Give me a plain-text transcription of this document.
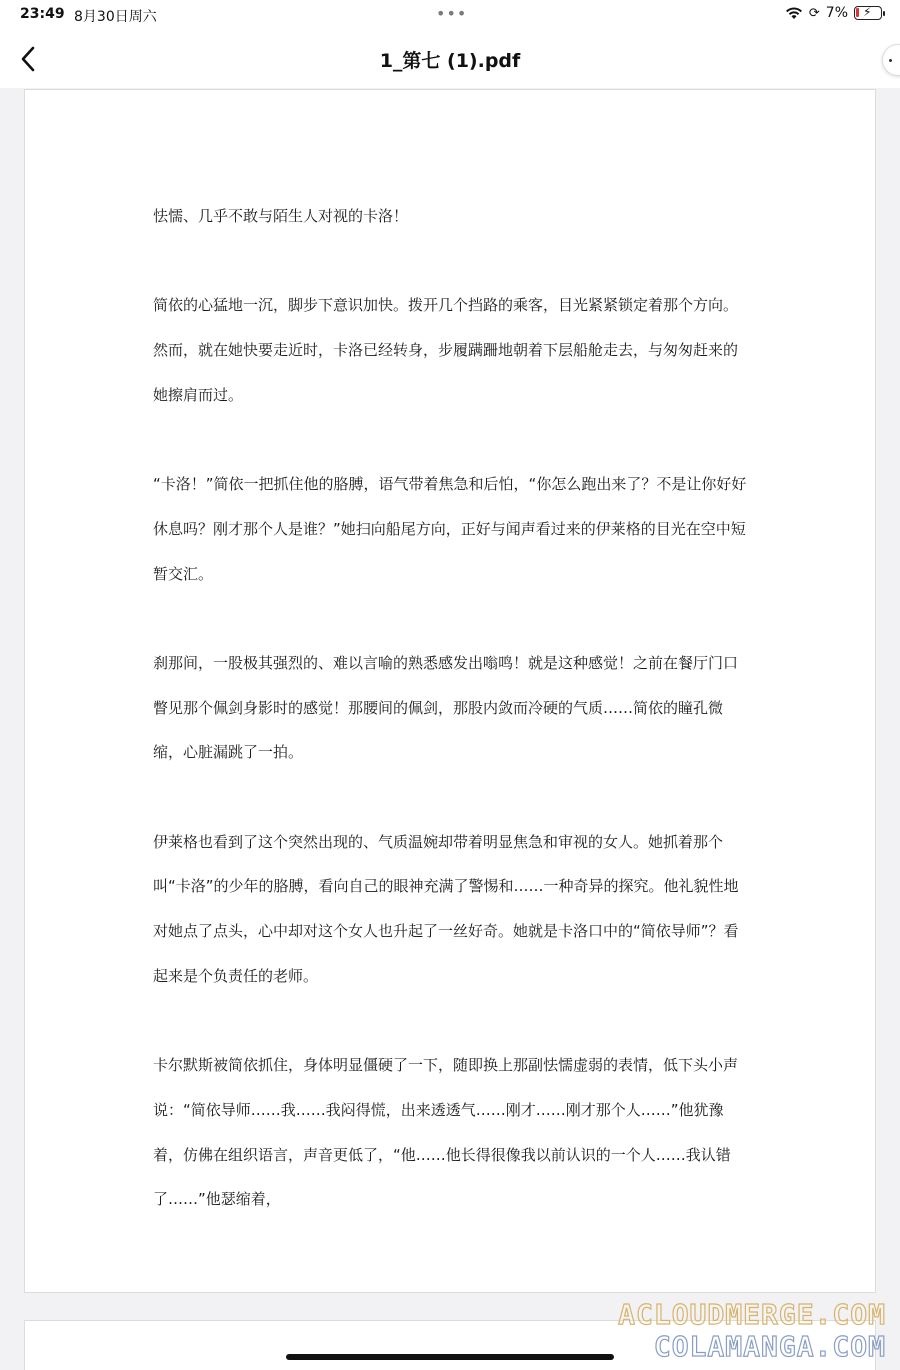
23:49 8月30日周六	•••	⟳ 7% ⚡
1_第七 (1).pdf

怯懦、几乎不敢与陌生人对视的卡洛！

简依的心猛地一沉，脚步下意识加快。拨开几个挡路的乘客，目光紧紧锁定着那个方向。然而，就在她快要走近时，卡洛已经转身，步履蹒跚地朝着下层船舱走去，与匆匆赶来的她擦肩而过。

“卡洛！”简依一把抓住他的胳膊，语气带着焦急和后怕，“你怎么跑出来了？不是让你好好休息吗？刚才那个人是谁？”她扫向船尾方向，正好与闻声看过来的伊莱格的目光在空中短暂交汇。

刹那间，一股极其强烈的、难以言喻的熟悉感发出嗡鸣！就是这种感觉！之前在餐厅门口瞥见那个佩剑身影时的感觉！那腰间的佩剑，那股内敛而冷硬的气质……简依的瞳孔微缩，心脏漏跳了一拍。

伊莱格也看到了这个突然出现的、气质温婉却带着明显焦急和审视的女人。她抓着那个叫“卡洛”的少年的胳膊，看向自己的眼神充满了警惕和……一种奇异的探究。他礼貌性地对她点了点头，心中却对这个女人也升起了一丝好奇。她就是卡洛口中的“简依导师”？看起来是个负责任的老师。

卡尔默斯被简依抓住，身体明显僵硬了一下，随即换上那副怯懦虚弱的表情，低下头小声说：“简依导师……我……我闷得慌，出来透透气……刚才……刚才那个人……”他犹豫着，仿佛在组织语言，声音更低了，“他……他长得很像我以前认识的一个人……我认错了……”他瑟缩着，

ACLOUDMERGE.COM
COLAMANGA.COM
